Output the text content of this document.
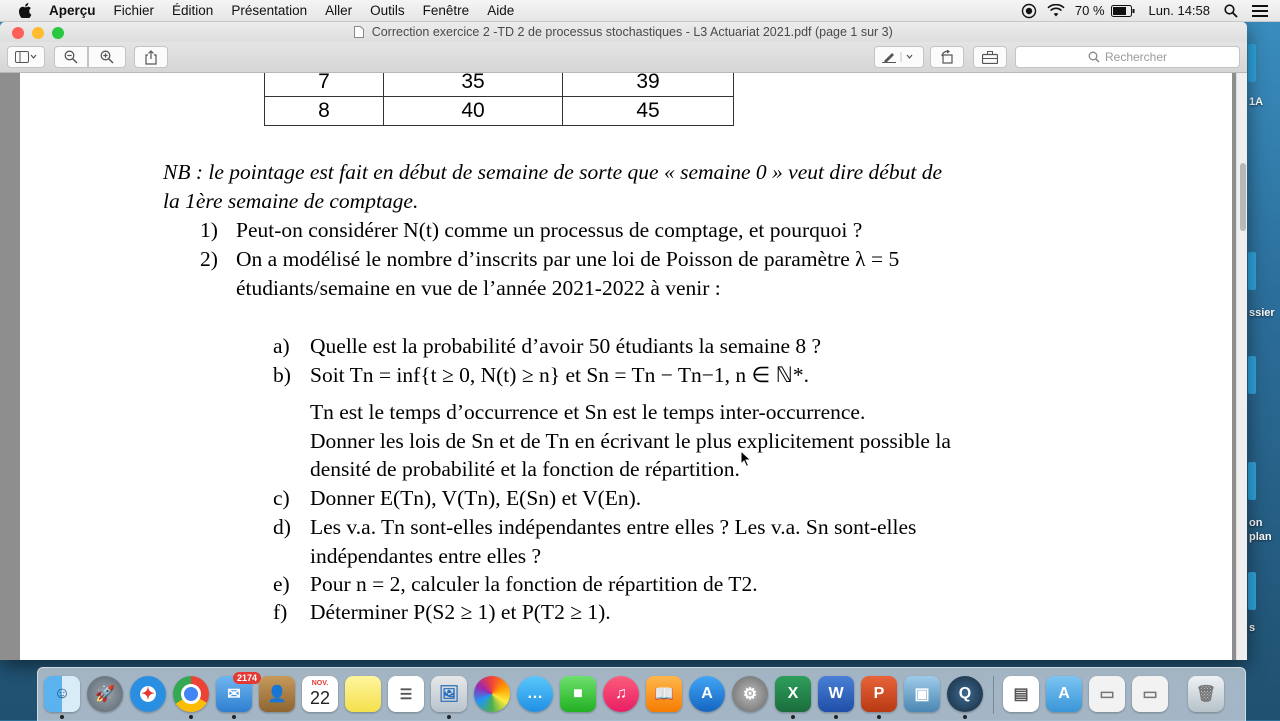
1A
ssier
on
plan
s
Aperçu	Fichier	Édition	Présentation	Aller	Outils	Fenêtre	Aide	70 %	Lun. 14:58
Correction exercice 2 -TD 2 de processus stochastiques - L3 Actuariat 2021.pdf (page 1 sur 3)
Rechercher
7	35	39
8	40	45
NB : le pointage est fait en début de semaine de sorte que « semaine 0 » veut dire début de
la 1ère semaine de comptage.
1) Peut-on considérer N(t) comme un processus de comptage, et pourquoi ?
2) On a modélisé le nombre d’inscrits par une loi de Poisson de paramètre λ = 5
étudiants/semaine en vue de l’année 2021-2022 à venir :
a) Quelle est la probabilité d’avoir 50 étudiants la semaine 8 ?
b) Soit Tn = inf{t ≥ 0, N(t) ≥ n} et Sn = Tn − Tn−1, n ∈ ℕ*.
Tn est le temps d’occurrence et Sn est le temps inter-occurrence.
Donner les lois de Sn et de Tn en écrivant le plus explicitement possible la
densité de probabilité et la fonction de répartition.
c) Donner E(Tn), V(Tn), E(Sn) et V(En).
d) Les v.a. Tn sont-elles indépendantes entre elles ? Les v.a. Sn sont-elles
indépendantes entre elles ?
e) Pour n = 2, calculer la fonction de répartition de T2.
f) Déterminer P(S2 ≥ 1) et P(T2 ≥ 1).
☺	🚀	✦	✉
2174
👤
NOV.
22	☰	🖼	…	■	♫	📖	A	⚙	X	W	P	▣	Q	▤	A	▭	▭	🗑
